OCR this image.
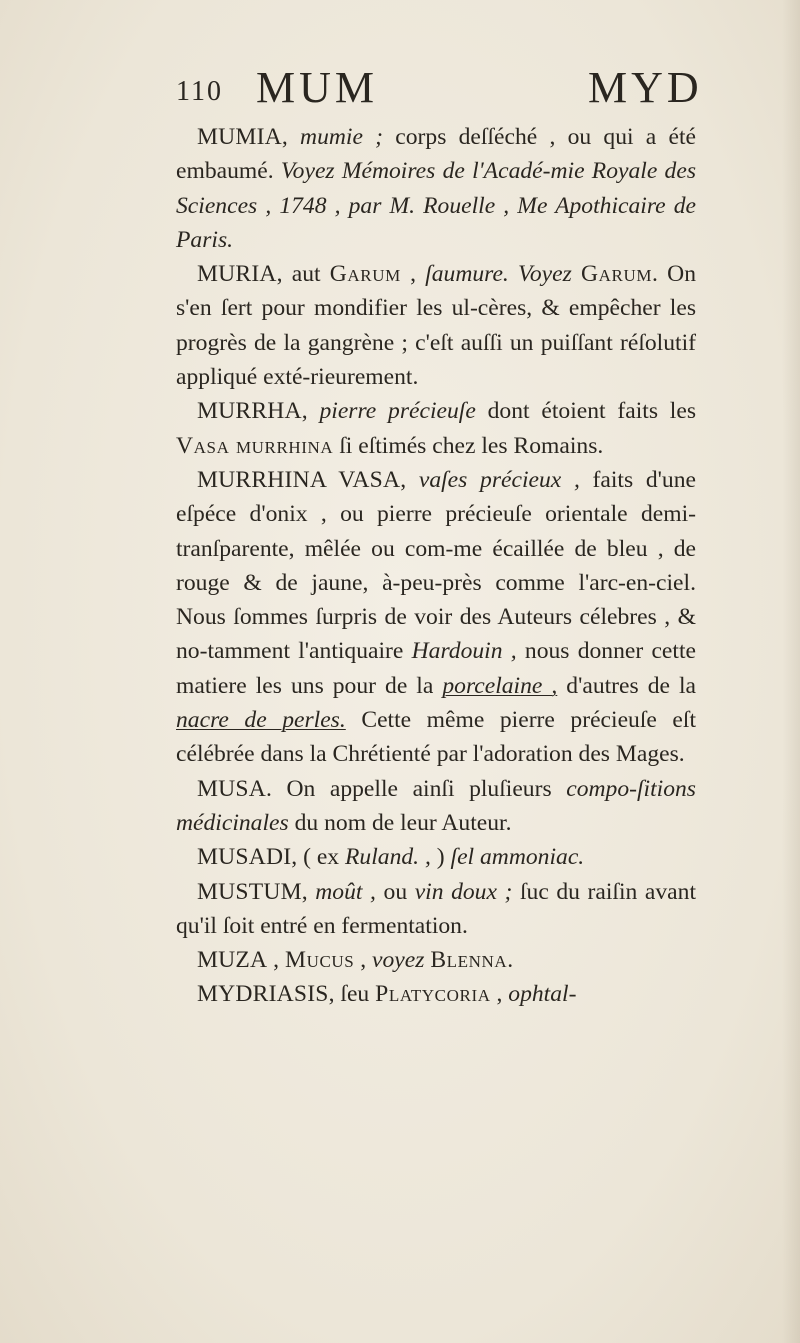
110 MUM	MYD

MUMIA, mumie ; corps deſſéché , ou qui a été embaumé. Voyez Mémoires de l'Acadé-mie Royale des Sciences , 1748 , par M. Rouelle , Me Apothicaire de Paris.

MURIA, aut Garum , ſaumure. Voyez Garum. On s'en ſert pour mondifier les ul-cères, & empêcher les progrès de la gangrène ; c'eſt auſſi un puiſſant réſolutif appliqué exté-rieurement.

MURRHA, pierre précieuſe dont étoient faits les Vasa murrhina ſi eſtimés chez les Romains.

MURRHINA VASA, vaſes précieux , faits d'une eſpéce d'onix , ou pierre précieuſe orientale demi-tranſparente, mêlée ou com-me écaillée de bleu , de rouge & de jaune, à-peu-près comme l'arc-en-ciel. Nous ſommes ſurpris de voir des Auteurs célebres , & no-tamment l'antiquaire Hardouin , nous donner cette matiere les uns pour de la porcelaine , d'autres de la nacre de perles. Cette même pierre précieuſe eſt célébrée dans la Chrétienté par l'adoration des Mages.

MUSA. On appelle ainſi pluſieurs compo-ſitions médicinales du nom de leur Auteur.

MUSADI, ( ex Ruland. , ) ſel ammoniac.

MUSTUM, moût , ou vin doux ; ſuc du raiſin avant qu'il ſoit entré en fermentation.

MUZA , Mucus , voyez Blenna.

MYDRIASIS, ſeu Platycoria , ophtal-
